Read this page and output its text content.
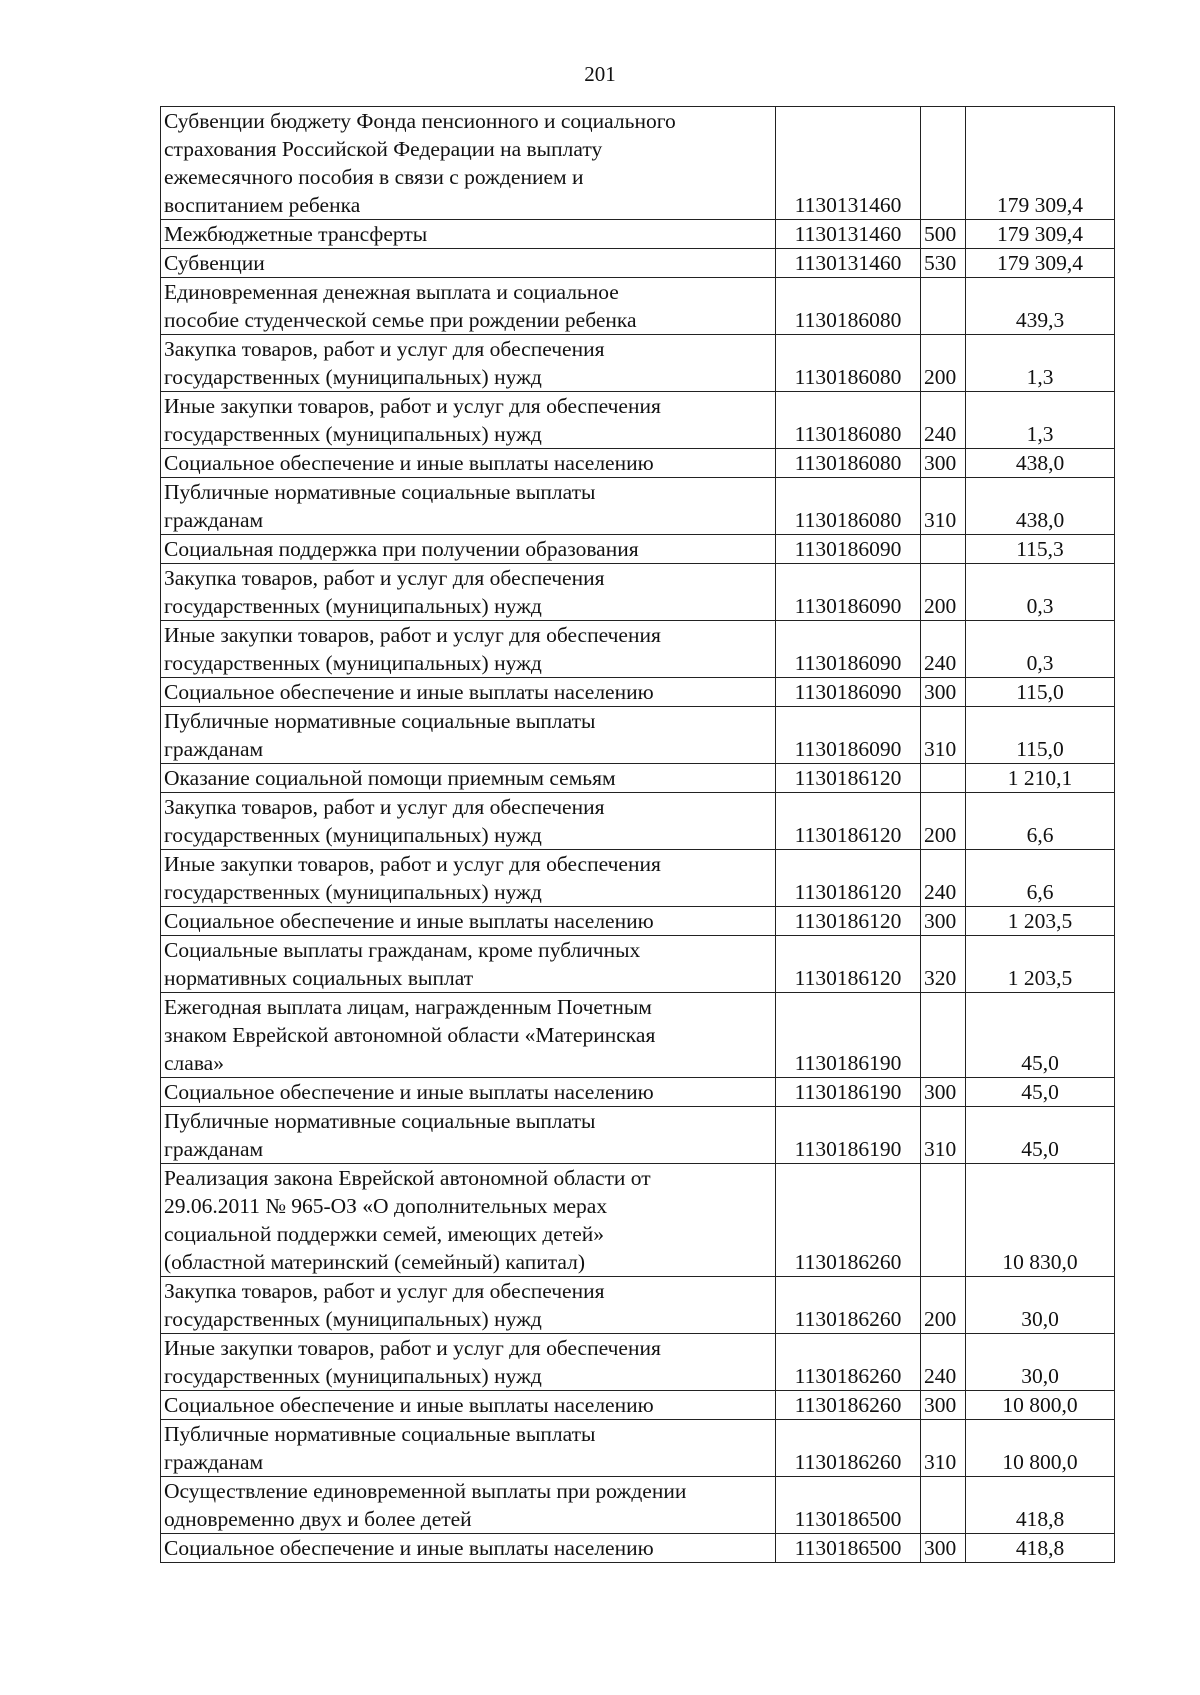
201
Субвенции бюджету Фонда пенсионного и социального
страхования Российской Федерации на выплату
ежемесячного пособия в связи с рождением и
воспитанием ребенка	1130131460		179 309,4
Межбюджетные трансферты	1130131460	500	179 309,4
Субвенции	1130131460	530	179 309,4
Единовременная денежная выплата и социальное
пособие студенческой семье при рождении ребенка	1130186080		439,3
Закупка товаров, работ и услуг для обеспечения
государственных (муниципальных) нужд	1130186080	200	1,3
Иные закупки товаров, работ и услуг для обеспечения
государственных (муниципальных) нужд	1130186080	240	1,3
Социальное обеспечение и иные выплаты населению	1130186080	300	438,0
Публичные нормативные социальные выплаты
гражданам	1130186080	310	438,0
Социальная поддержка при получении образования	1130186090		115,3
Закупка товаров, работ и услуг для обеспечения
государственных (муниципальных) нужд	1130186090	200	0,3
Иные закупки товаров, работ и услуг для обеспечения
государственных (муниципальных) нужд	1130186090	240	0,3
Социальное обеспечение и иные выплаты населению	1130186090	300	115,0
Публичные нормативные социальные выплаты
гражданам	1130186090	310	115,0
Оказание социальной помощи приемным семьям	1130186120		1 210,1
Закупка товаров, работ и услуг для обеспечения
государственных (муниципальных) нужд	1130186120	200	6,6
Иные закупки товаров, работ и услуг для обеспечения
государственных (муниципальных) нужд	1130186120	240	6,6
Социальное обеспечение и иные выплаты населению	1130186120	300	1 203,5
Социальные выплаты гражданам, кроме публичных
нормативных социальных выплат	1130186120	320	1 203,5
Ежегодная выплата лицам, награжденным Почетным
знаком Еврейской автономной области «Материнская
слава»	1130186190		45,0
Социальное обеспечение и иные выплаты населению	1130186190	300	45,0
Публичные нормативные социальные выплаты
гражданам	1130186190	310	45,0
Реализация закона Еврейской автономной области от
29.06.2011 № 965-ОЗ «О дополнительных мерах
социальной поддержки семей, имеющих детей»
(областной материнский (семейный) капитал)	1130186260		10 830,0
Закупка товаров, работ и услуг для обеспечения
государственных (муниципальных) нужд	1130186260	200	30,0
Иные закупки товаров, работ и услуг для обеспечения
государственных (муниципальных) нужд	1130186260	240	30,0
Социальное обеспечение и иные выплаты населению	1130186260	300	10 800,0
Публичные нормативные социальные выплаты
гражданам	1130186260	310	10 800,0
Осуществление единовременной выплаты при рождении
одновременно двух и более детей	1130186500		418,8
Социальное обеспечение и иные выплаты населению	1130186500	300	418,8
